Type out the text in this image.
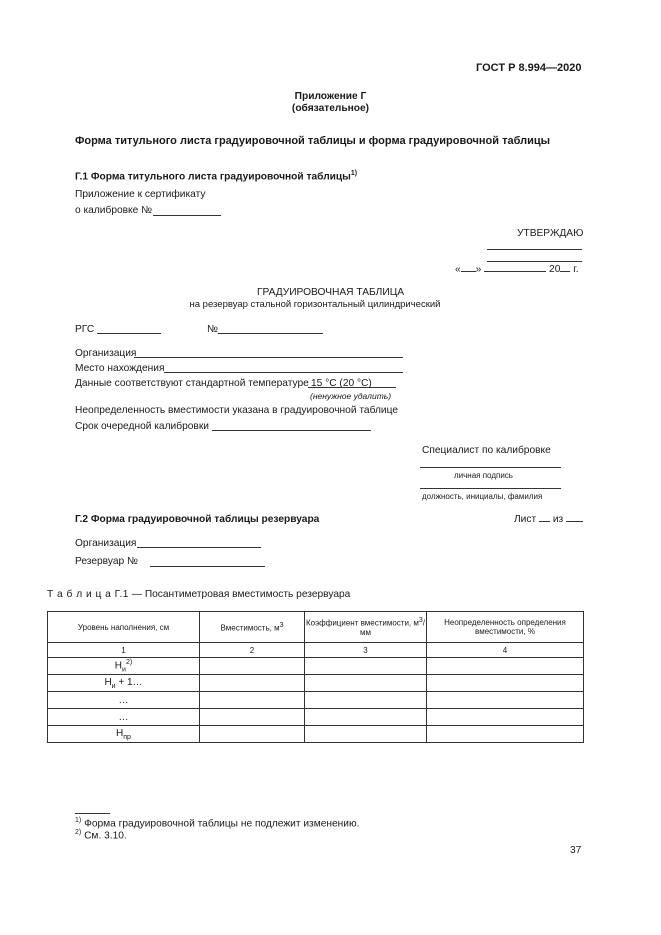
ГОСТ Р 8.994—2020
Приложение Г
(обязательное)
Форма титульного листа градуировочной таблицы и форма градуировочной таблицы
Г.1 Форма титульного листа градуировочной таблицы$^{1)}$
Приложение к сертификату
о калибровке №
УТВЕРЖДАЮ
« »	20 г.
ГРАДУИРОВОЧНАЯ ТАБЛИЦА
на резервуар стальной горизонтальный цилиндрический
РГС	№
Организация
Место нахождения
Данные соответствуют стандартной температуре 15 °C (20 °C)
(ненужное удалить)
Неопределенность вместимости указана в градуировочной таблице
Срок очередной калибровки
Специалист по калибровке
личная подпись
должность, инициалы, фамилия
Г.2 Форма градуировочной таблицы резервуара	Лист из
Организация
Резервуар №
Т а б л и ц а Г.1 — Посантиметровая вместимость резервуара
Уровень наполнения, см	Вместимость, $м^3$	Коэффициент вместимости, $м^3/мм$	Неопределенность определения вместимости, %
1	2	3	4
$H_и^{2)}$			
$H_и$ + 1…			
…			
…			
$H_{пр}$			
$^{1)}$ Форма градуировочной таблицы не подлежит изменению.
$^{2)}$ См. 3.10.
37
